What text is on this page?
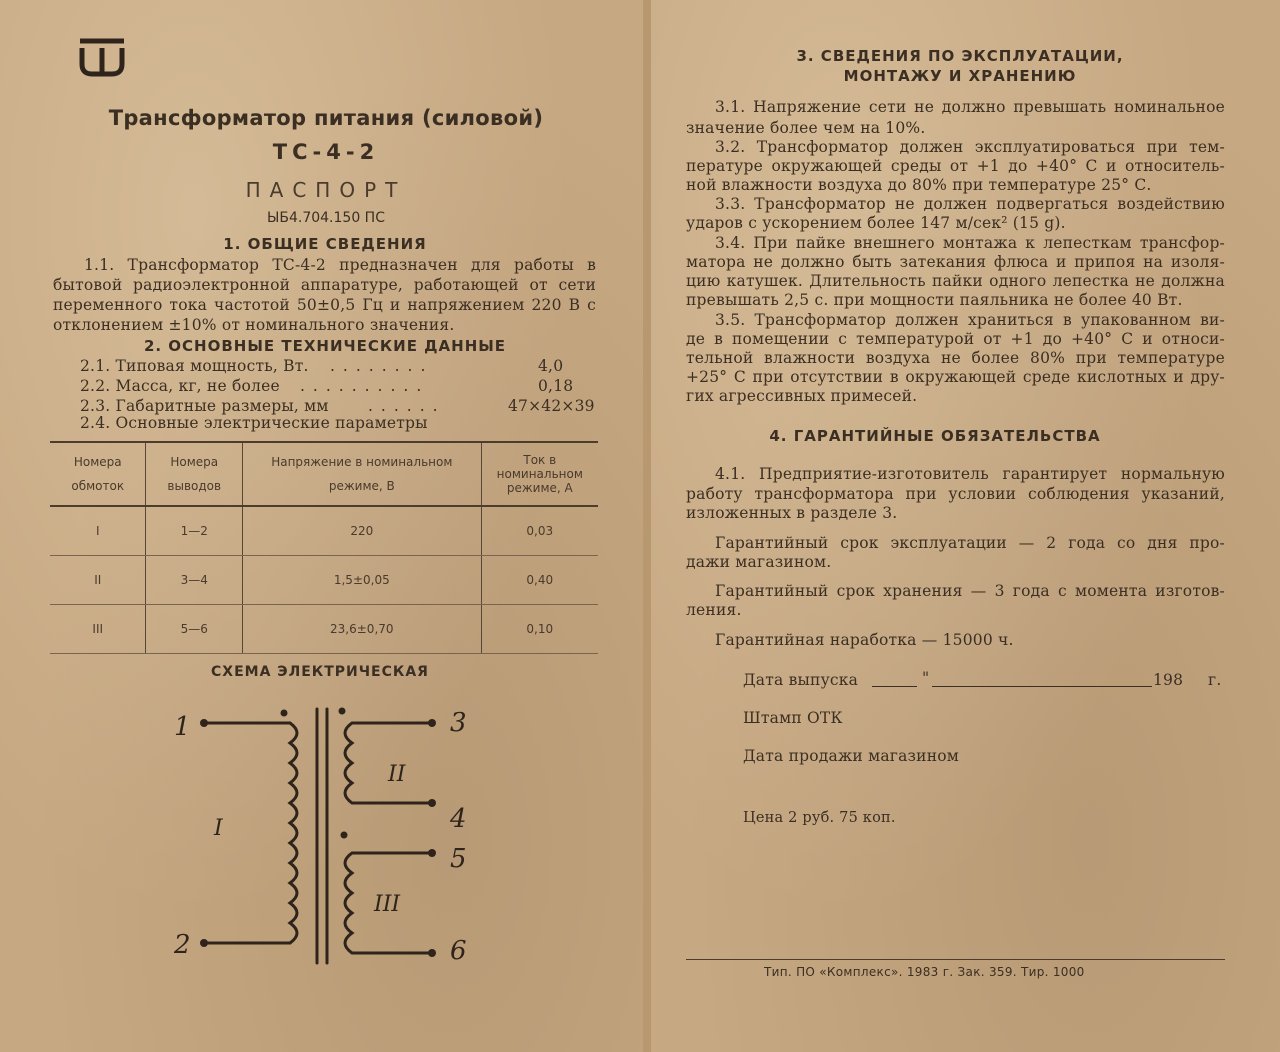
Трансформатор питания (силовой)
ТС-4-2
ПАСПОРТ
ЫБ4.704.150 ПС
1. ОБЩИЕ СВЕДЕНИЯ
1.1. Трансформатор ТС-4-2 предназначен для работы в
бытовой радиоэлектронной аппаратуре, работающей от сети
переменного тока частотой 50±0,5 Гц и напряжением 220 В с
отклонением ±10% от номинального значения.
2. ОСНОВНЫЕ ТЕХНИЧЕСКИЕ ДАННЫЕ
2.1. Типовая мощность, Вт. ........	4,0
2.2. Масса, кг, не более ..........	0,18
2.3. Габаритные размеры, мм	......	47×42×39
2.4. Основные электрические параметры
Номера обмоток	Номера выводов	Напряжение в номинальном режиме, В	Ток в номинальном режиме, А
I	1—2	220	0,03
II	3—4	1,5±0,05	0,40
III	5—6	23,6±0,70	0,10
СХЕМА ЭЛЕКТРИЧЕСКАЯ
1
2
3
4
5
6
I
II
III
3. СВЕДЕНИЯ ПО ЭКСПЛУАТАЦИИ,
МОНТАЖУ И ХРАНЕНИЮ
3.1. Напряжение сети не должно превышать номинальное
значение более чем на 10%.
3.2. Трансформатор должен эксплуатироваться при тем-
пературе окружающей среды от +1 до +40° С и относитель-
ной влажности воздуха до 80% при температуре 25° С.
3.3. Трансформатор не должен подвергаться воздействию
ударов с ускорением более 147 м/сек² (15 g).
3.4. При пайке внешнего монтажа к лепесткам трансфор-
матора не должно быть затекания флюса и припоя на изоля-
цию катушек. Длительность пайки одного лепестка не должна
превышать 2,5 с. при мощности паяльника не более 40 Вт.
3.5. Трансформатор должен храниться в упакованном ви-
де в помещении с температурой от +1 до +40° С и относи-
тельной влажности воздуха не более 80% при температуре
+25° С при отсутствии в окружающей среде кислотных и дру-
гих агрессивных примесей.
4. ГАРАНТИЙНЫЕ ОБЯЗАТЕЛЬСТВА
4.1. Предприятие-изготовитель гарантирует нормальную
работу трансформатора при условии соблюдения указаний,
изложенных в разделе 3.
Гарантийный срок эксплуатации — 2 года со дня про-
дажи магазином.
Гарантийный срок хранения — 3 года с момента изготов-
ления.
Гарантийная наработка — 15000 ч.
Дата выпуска	"	198 г.
Штамп ОТК
Дата продажи магазином
Цена 2 руб. 75 коп.
Тип. ПО «Комплекс». 1983 г. Зак. 359. Тир. 1000
